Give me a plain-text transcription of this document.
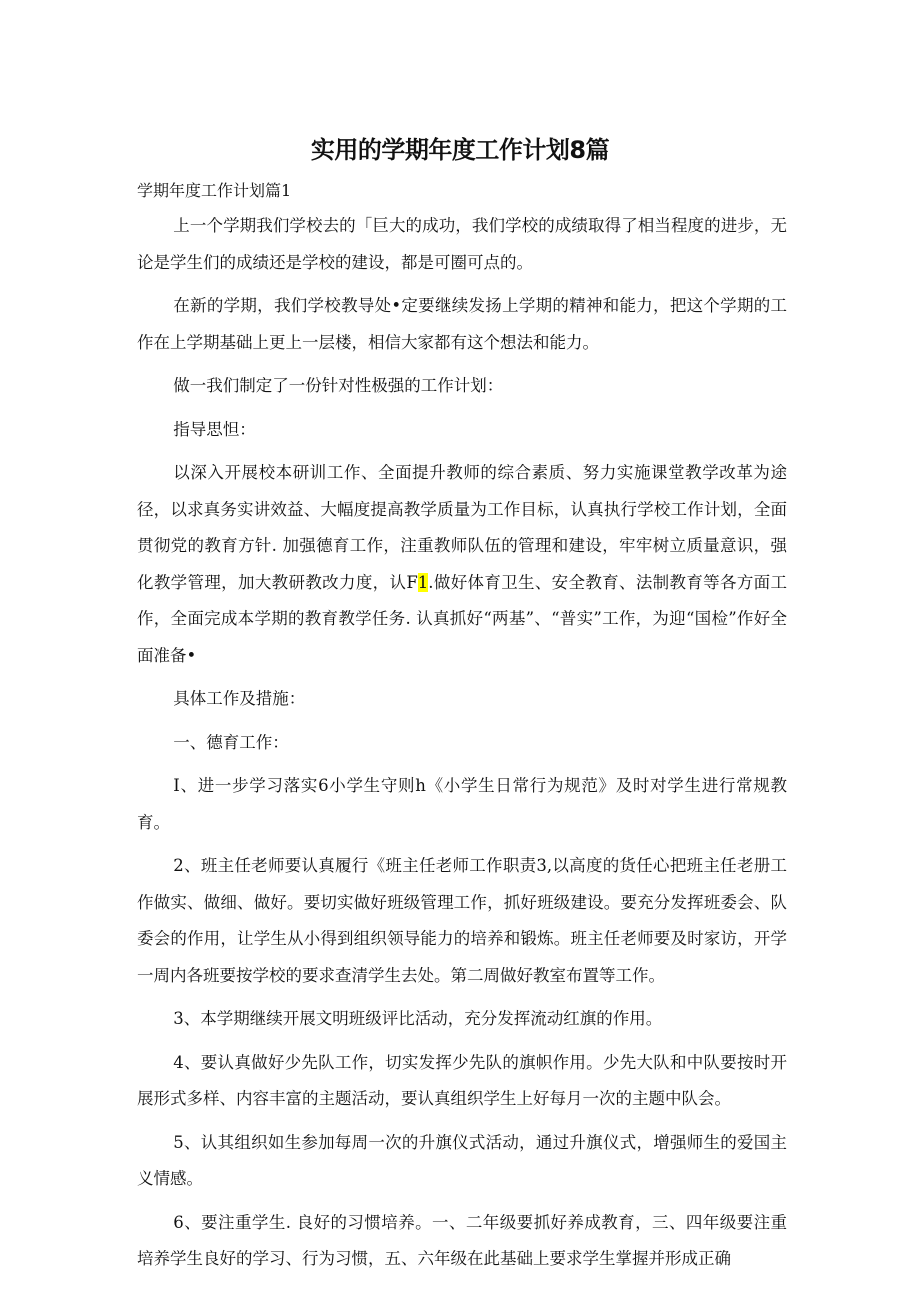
实用的学期年度工作计划8篇
学期年度工作计划篇1

上一个学期我们学校去的「巨大的成功，我们学校的成绩取得了相当程度的进步，无论是学生们的成绩还是学校的建设，都是可圈可点的。

在新的学期，我们学校教导处•定要继续发扬上学期的精神和能力，把这个学期的工作在上学期基础上更上一层楼，相信大家都有这个想法和能力。

做一我们制定了一份针对性极强的工作计划：

指导思怛：

以深入开展校本研训工作、全面提升教师的综合素质、努力实施课堂教学改革为途径，以求真务实讲效益、大幅度提高教学质量为工作目标，认真执行学校工作计划，全面贯彻党的教育方针. 加强德育工作，注重教师队伍的管理和建设，牢牢树立质量意识，强化教学管理，加大教研教改力度，认F1.做好体育卫生、安全教育、法制教育等各方面工作，全面完成本学期的教育教学任务. 认真抓好“两基”、“普实”工作，为迎“国检”作好全面准备•

具体工作及措施：

一、德育工作：

I、进一步学习落实6小学生守则h《小学生日常行为规范》及时对学生进行常规教育。

2、班主任老师要认真履行《班主任老师工作职责3,以高度的货任心把班主任老册工作做实、做细、做好。要切实做好班级管理工作，抓好班级建设。要充分发挥班委会、队委会的作用，让学生从小得到组织领导能力的培养和锻炼。班主任老师要及时家访，开学一周内各班要按学校的要求查清学生去处。第二周做好教室布置等工作。

3、本学期继续开展文明班级评比活动，充分发挥流动红旗的作用。

4、要认真做好少先队工作，切实发挥少先队的旗帜作用。少先大队和中队要按时开展形式多样、内容丰富的主题活动，要认真组织学生上好每月一次的主题中队会。

5、认其组织如生参加每周一次的升旗仪式活动，通过升旗仪式，增强师生的爱国主义情感。

6、要注重学生. 良好的习惯培养。一、二年级要抓好养成教育，三、四年级要注重培养学生良好的学习、行为习惯，五、六年级在此基础上要求学生掌握并形成正确
